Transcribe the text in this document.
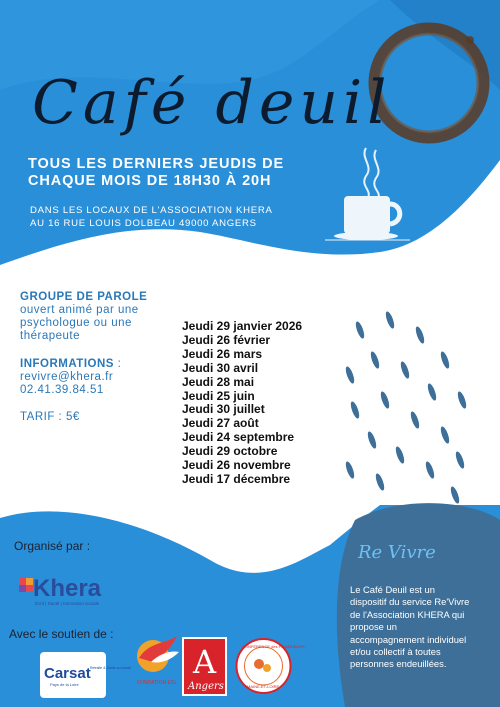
Café deuil
TOUS LES DERNIERS JEUDIS DE
CHAQUE MOIS DE 18H30 À 20H
DANS LES LOCAUX DE L'ASSOCIATION KHERA
AU 16 RUE LOUIS DOLBEAU 49000 ANGERS
GROUPE DE PAROLE ouvert animé par une psychologue ou une thérapeute
INFORMATIONS :
revivre@khera.fr
02.41.39.84.51
TARIF : 5€
Jeudi 29 janvier 2026
Jeudi 26 février
Jeudi 26 mars
Jeudi 30 avril
Jeudi 28 mai
Jeudi 25 juin
Jeudi 30 juillet
Jeudi 27 août
Jeudi 24 septembre
Jeudi 29 octobre
Jeudi 26 novembre
Jeudi 17 décembre
Organisé par :
Khera
Écrit | Santé | Innovation sociale
Avec le soutien de :
Carsat Retraite & Santé au travail
Pays de la Loire	FONDATION EDL
A
Angers
CONFÉRENCE des FINANCEURS
MAINE-ET-LOIRE
Re Vivre
Le Café Deuil est un dispositif du service Re'Vivre de l'Association KHERA qui propose un accompagnement individuel et/ou collectif à toutes personnes endeuillées.
